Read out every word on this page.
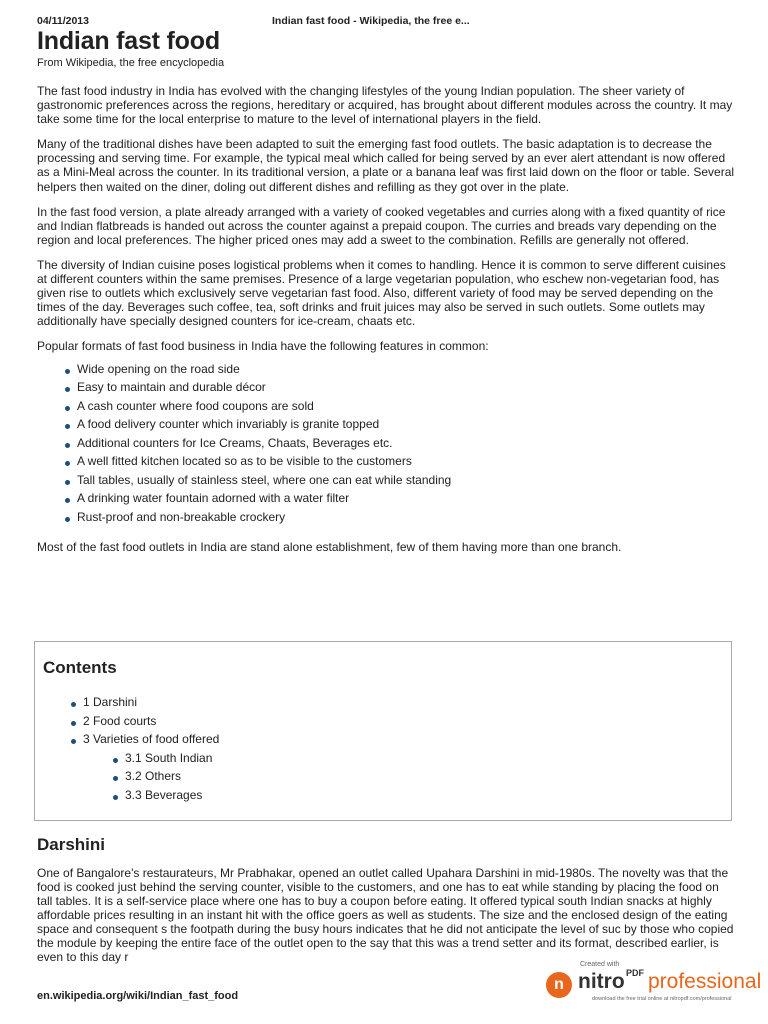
04/11/2013	Indian fast food - Wikipedia, the free e...
Indian fast food

From Wikipedia, the free encyclopedia

The fast food industry in India has evolved with the changing lifestyles of the young Indian population. The sheer variety of gastronomic preferences across the regions, hereditary or acquired, has brought about different modules across the country. It may take some time for the local enterprise to mature to the level of international players in the field.

Many of the traditional dishes have been adapted to suit the emerging fast food outlets. The basic adaptation is to decrease the processing and serving time. For example, the typical meal which called for being served by an ever alert attendant is now offered as a Mini-Meal across the counter. In its traditional version, a plate or a banana leaf was first laid down on the floor or table. Several helpers then waited on the diner, doling out different dishes and refilling as they got over in the plate.

In the fast food version, a plate already arranged with a variety of cooked vegetables and curries along with a fixed quantity of rice and Indian flatbreads is handed out across the counter against a prepaid coupon. The curries and breads vary depending on the region and local preferences. The higher priced ones may add a sweet to the combination. Refills are generally not offered.

The diversity of Indian cuisine poses logistical problems when it comes to handling. Hence it is common to serve different cuisines at different counters within the same premises. Presence of a large vegetarian population, who eschew non-vegetarian food, has given rise to outlets which exclusively serve vegetarian fast food. Also, different variety of food may be served depending on the times of the day. Beverages such coffee, tea, soft drinks and fruit juices may also be served in such outlets. Some outlets may additionally have specially designed counters for ice-cream, chaats etc.

Popular formats of fast food business in India have the following features in common:

Wide opening on the road side
Easy to maintain and durable décor
A cash counter where food coupons are sold
A food delivery counter which invariably is granite topped
Additional counters for Ice Creams, Chaats, Beverages etc.
A well fitted kitchen located so as to be visible to the customers
Tall tables, usually of stainless steel, where one can eat while standing
A drinking water fountain adorned with a water filter
Rust-proof and non-breakable crockery

Most of the fast food outlets in India are stand alone establishment, few of them having more than one branch.

Contents
1 Darshini
2 Food courts
3 Varieties of food offered
3.1 South Indian
3.2 Others
3.3 Beverages
Darshini

One of Bangalore's restaurateurs, Mr Prabhakar, opened an outlet called Upahara Darshini in mid-1980s. The novelty was that the food is cooked just behind the serving counter, visible to the customers, and one has to eat while standing by placing the food on tall tables. It is a self-service place where one has to buy a coupon before eating. It offered typical south Indian snacks at highly affordable prices resulting in an instant hit with the office goers as well as students. The size and the enclosed design of the eating space and consequent s the footpath during the busy hours indicates that he did not anticipate the level of suc by those who copied the module by keeping the entire face of the outlet open to the say that this was a trend setter and its format, described earlier, is even to this day r

en.wikipedia.org/wiki/Indian_fast_food
Created with
n nitro PDF professional
download the free trial online at nitropdf.com/professional
